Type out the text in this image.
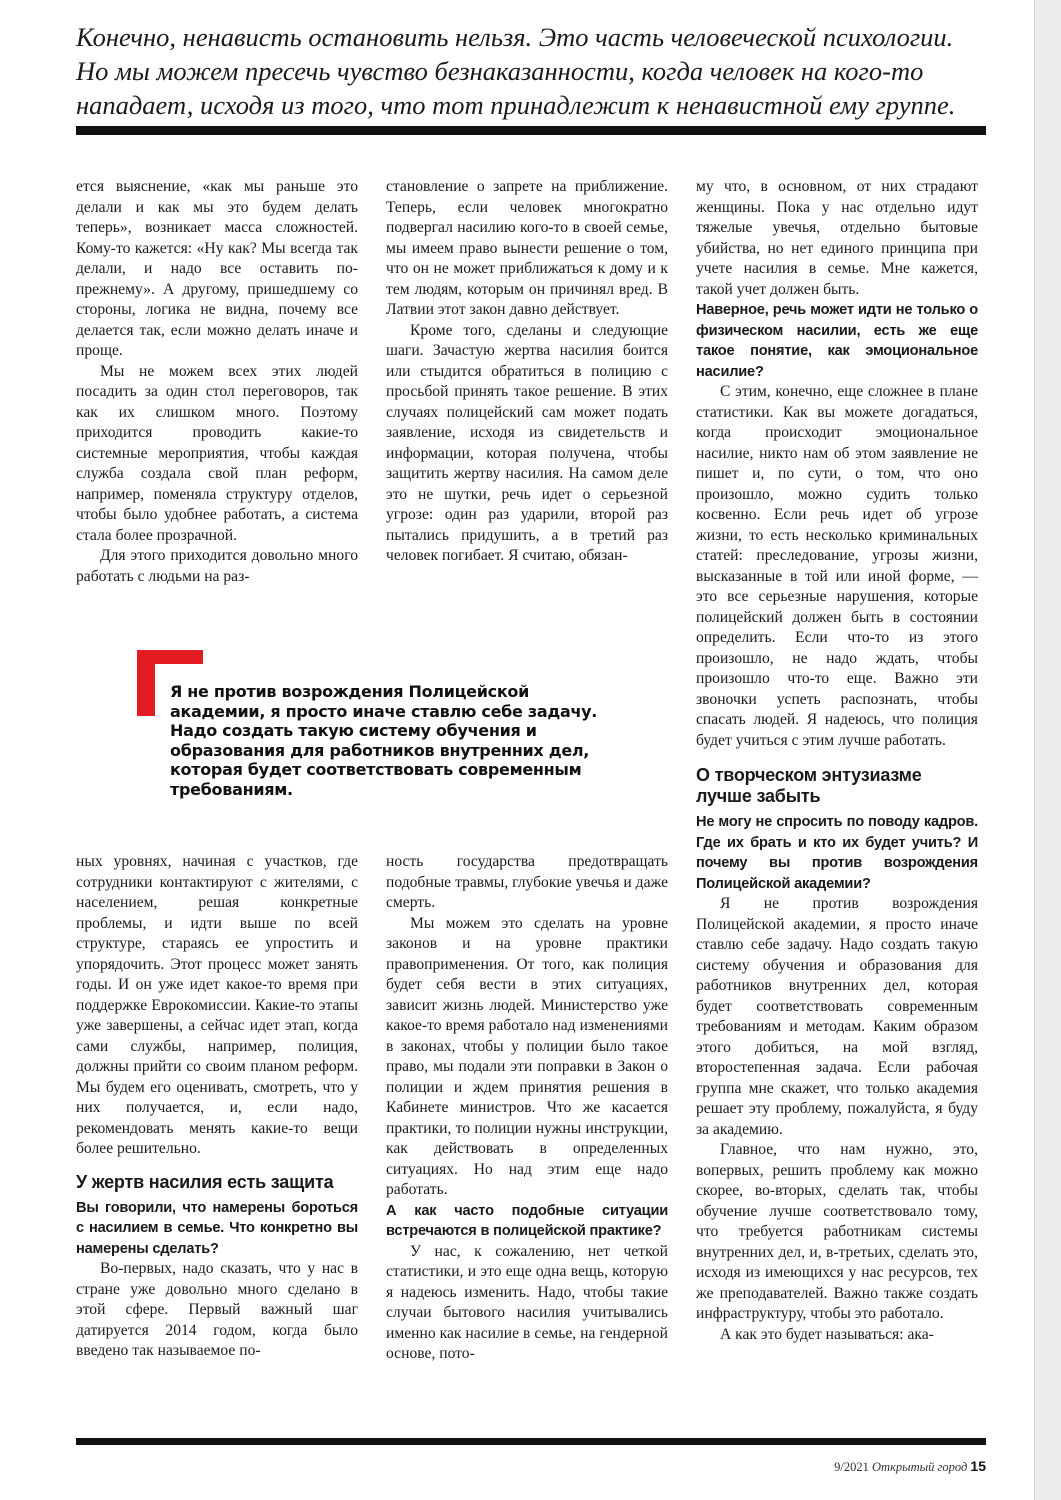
Конечно, ненависть остановить нельзя. Это часть человеческой психологии.

Но мы можем пресечь чувство безнаказанности, когда человек на кого-то

нападает, исходя из того, что тот принадлежит к ненавистной ему группе.

ется выяснение, «как мы раньше это делали и как мы это будем делать теперь», возникает масса сложностей. Кому-то кажется: «Ну как? Мы всегда так делали, и надо все оставить по-прежнему». А другому, пришедшему со стороны, логика не видна, почему все делается так, если можно делать иначе и проще.

Мы не можем всех этих людей посадить за один стол переговоров, так как их слишком много. Поэтому приходится проводить какие-то системные мероприятия, чтобы каждая служба создала свой план реформ, например, поменяла структуру отделов, чтобы было удобнее работать, а система стала более прозрачной.

Для этого приходится довольно много работать с людьми на раз-

становление о запрете на приближение. Теперь, если человек многократно подвергал насилию кого-то в своей семье, мы имеем право вынести решение о том, что он не может приближаться к дому и к тем людям, которым он причинял вред. В Латвии этот закон давно действует.

Кроме того, сделаны и следующие шаги. Зачастую жертва насилия боится или стыдится обратиться в полицию с просьбой принять такое решение. В этих случаях полицейский сам может подать заявление, исходя из свидетельств и информации, которая получена, чтобы защитить жертву насилия. На самом деле это не шутки, речь идет о серьезной угрозе: один раз ударили, второй раз пытались придушить, а в третий раз человек погибает. Я считаю, обязан-

му что, в основном, от них страдают женщины. Пока у нас отдельно идут тяжелые увечья, отдельно бытовые убийства, но нет единого принципа при учете насилия в семье. Мне кажется, такой учет должен быть.

Наверное, речь может идти не только о физическом насилии, есть же еще такое понятие, как эмоциональное насилие?

С этим, конечно, еще сложнее в плане статистики. Как вы можете догадаться, когда происходит эмоциональное насилие, никто нам об этом заявление не пишет и, по сути, о том, что оно произошло, можно судить только косвенно. Если речь идет об угрозе жизни, то есть несколько криминальных статей: преследование, угрозы жизни, высказанные в той или иной форме, — это все серьезные нарушения, которые полицейский должен быть в состоянии определить. Если что-то из этого произошло, не надо ждать, чтобы произошло что-то еще. Важно эти звоночки успеть распознать, чтобы спасать людей. Я надеюсь, что полиция будет учиться с этим лучше работать.

О творческом энтузиазме лучше забыть

Не могу не спросить по поводу кадров. Где их брать и кто их будет учить? И почему вы против возрождения Полицейской академии?

Я не против возрождения Полицейской академии, я просто иначе ставлю себе задачу. Надо создать такую систему обучения и образования для работников внутренних дел, которая будет соответствовать современным требованиям и методам. Каким образом этого добиться, на мой взгляд, второстепенная задача. Если рабочая группа мне скажет, что только академия решает эту проблему, пожалуйста, я буду за академию.

Главное, что нам нужно, это, вопервых, решить проблему как можно скорее, во-вторых, сделать так, чтобы обучение лучше соответствовало тому, что требуется работникам системы внутренних дел, и, в-третьих, сделать это, исходя из имеющихся у нас ресурсов, тех же преподавателей. Важно также создать инфраструктуру, чтобы это работало.

А как это будет называться: ака-

Я не против возрождения Полицейской академии, я просто иначе ставлю себе задачу. Надо создать такую систему обучения и образования для работников внутренних дел, которая будет соответствовать современным требованиям.

ных уровнях, начиная с участков, где сотрудники контактируют с жителями, с населением, решая конкретные проблемы, и идти выше по всей структуре, стараясь ее упростить и упорядочить. Этот процесс может занять годы. И он уже идет какое-то время при поддержке Еврокомиссии. Какие-то этапы уже завершены, а сейчас идет этап, когда сами службы, например, полиция, должны прийти со своим планом реформ. Мы будем его оценивать, смотреть, что у них получается, и, если надо, рекомендовать менять какие-то вещи более решительно.

У жертв насилия есть защита

Вы говорили, что намерены бороться с насилием в семье. Что конкретно вы намерены сделать?

Во-первых, надо сказать, что у нас в стране уже довольно много сделано в этой сфере. Первый важный шаг датируется 2014 годом, когда было введено так называемое по-

ность государства предотвращать подобные травмы, глубокие увечья и даже смерть.

Мы можем это сделать на уровне законов и на уровне практики правоприменения. От того, как полиция будет себя вести в этих ситуациях, зависит жизнь людей. Министерство уже какое-то время работало над изменениями в законах, чтобы у полиции было такое право, мы подали эти поправки в Закон о полиции и ждем принятия решения в Кабинете министров. Что же касается практики, то полиции нужны инструкции, как действовать в определенных ситуациях. Но над этим еще надо работать.

А как часто подобные ситуации встречаются в полицейской практике?

У нас, к сожалению, нет четкой статистики, и это еще одна вещь, которую я надеюсь изменить. Надо, чтобы такие случаи бытового насилия учитывались именно как насилие в семье, на гендерной основе, пото-

9/2021 Открытый город 15
